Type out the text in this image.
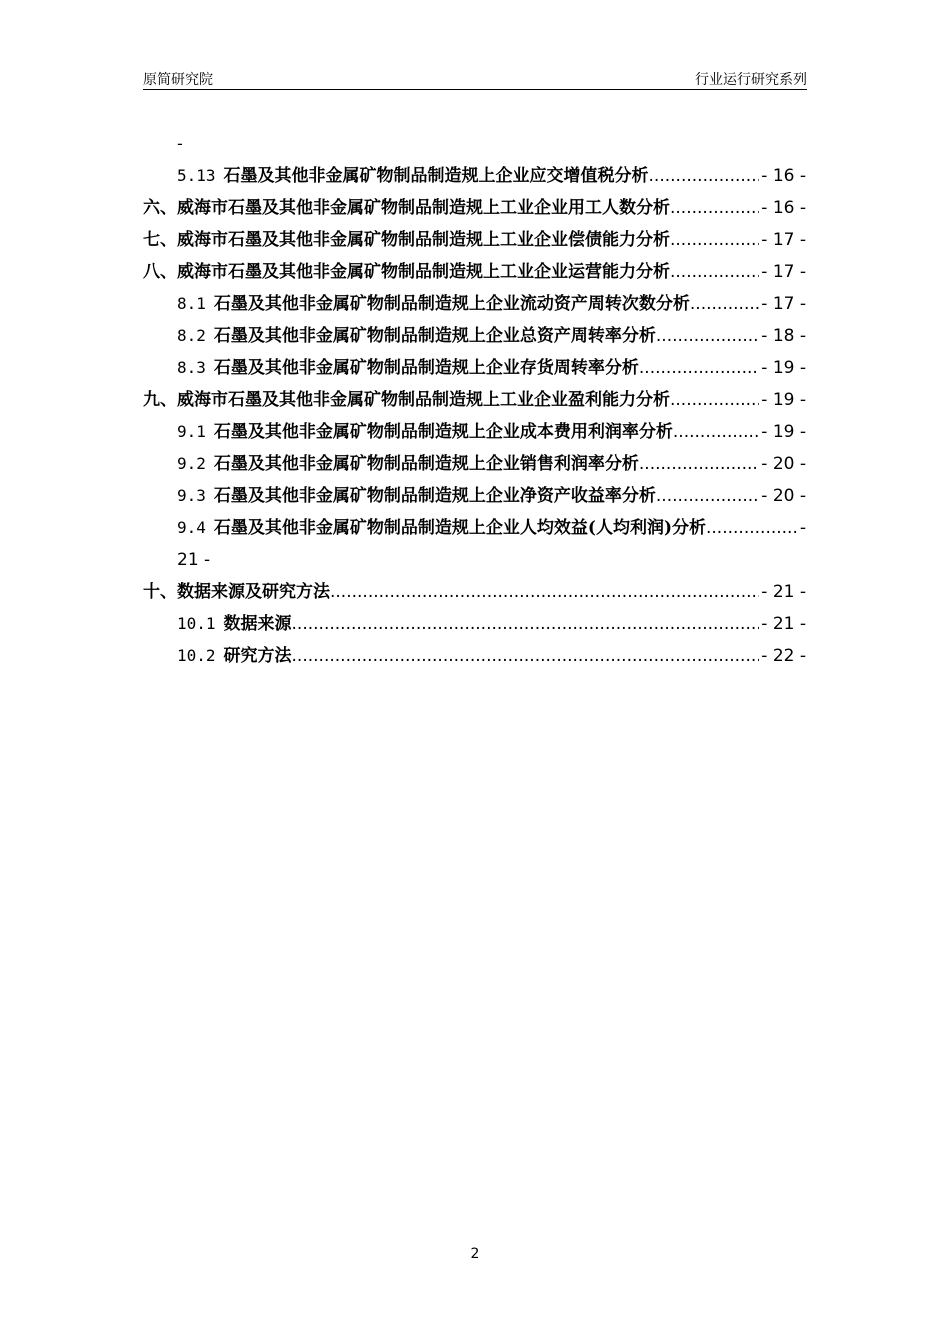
原简研究院	行业运行研究系列
-
5.13 石墨及其他非金属矿物制品制造规上企业应交增值税分析 .....	- 16 -
六、 威海市石墨及其他非金属矿物制品制造规上工业企业用工人数分析 .....	- 16 -
七、 威海市石墨及其他非金属矿物制品制造规上工业企业偿债能力分析 .....	- 17 -
八、 威海市石墨及其他非金属矿物制品制造规上工业企业运营能力分析 .....	- 17 -
8.1 石墨及其他非金属矿物制品制造规上企业流动资产周转次数分析 .....	- 17 -
8.2 石墨及其他非金属矿物制品制造规上企业总资产周转率分析 .....	- 18 -
8.3 石墨及其他非金属矿物制品制造规上企业存货周转率分析 .....	- 19 -
九、 威海市石墨及其他非金属矿物制品制造规上工业企业盈利能力分析 .....	- 19 -
9.1 石墨及其他非金属矿物制品制造规上企业成本费用利润率分析 .....	- 19 -
9.2 石墨及其他非金属矿物制品制造规上企业销售利润率分析 .....	- 20 -
9.3 石墨及其他非金属矿物制品制造规上企业净资产收益率分析 .....	- 20 -
9.4 石墨及其他非金属矿物制品制造规上企业人均效益(人均利润)分析 .....	-
21 -
十、 数据来源及研究方法 .....	- 21 -
10.1 数据来源 .....	- 21 -
10.2 研究方法 .....	- 22 -
2
